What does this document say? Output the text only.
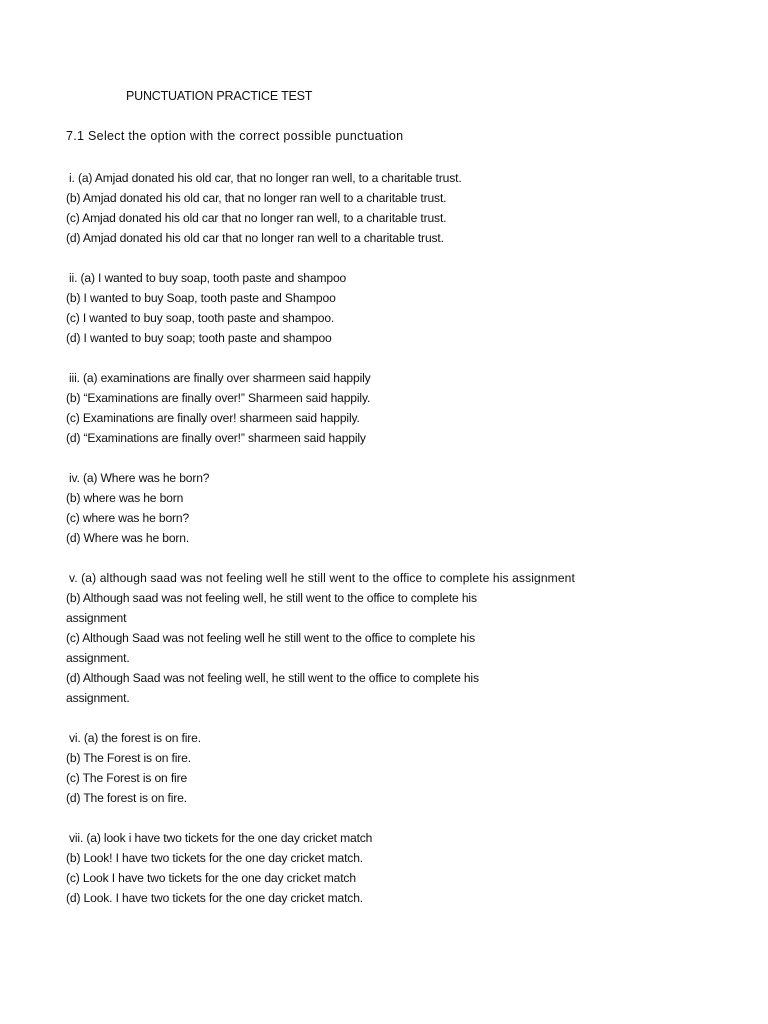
PUNCTUATION PRACTICE TEST
7.1 Select the option with the correct possible punctuation
i. (a) Amjad donated his old car, that no longer ran well, to a charitable trust.
(b) Amjad donated his old car, that no longer ran well to a charitable trust.
(c) Amjad donated his old car that no longer ran well, to a charitable trust.
(d) Amjad donated his old car that no longer ran well to a charitable trust.
ii. (a) I wanted to buy soap, tooth paste and shampoo
(b) I wanted to buy Soap, tooth paste and Shampoo
(c) I wanted to buy soap, tooth paste and shampoo.
(d) I wanted to buy soap; tooth paste and shampoo
iii. (a) examinations are finally over sharmeen said happily
(b) “Examinations are finally over!” Sharmeen said happily.
(c) Examinations are finally over! sharmeen said happily.
(d) “Examinations are finally over!” sharmeen said happily
iv. (a) Where was he born?
(b) where was he born
(c) where was he born?
(d) Where was he born.
v. (a) although saad was not feeling well he still went to the office to complete his assignment
(b) Although saad was not feeling well, he still went to the office to complete his
assignment
(c) Although Saad was not feeling well he still went to the office to complete his
assignment.
(d) Although Saad was not feeling well, he still went to the office to complete his
assignment.
vi. (a) the forest is on fire.
(b) The Forest is on fire.
(c) The Forest is on fire
(d) The forest is on fire.
vii. (a) look i have two tickets for the one day cricket match
(b) Look! I have two tickets for the one day cricket match.
(c) Look I have two tickets for the one day cricket match
(d) Look. I have two tickets for the one day cricket match.
